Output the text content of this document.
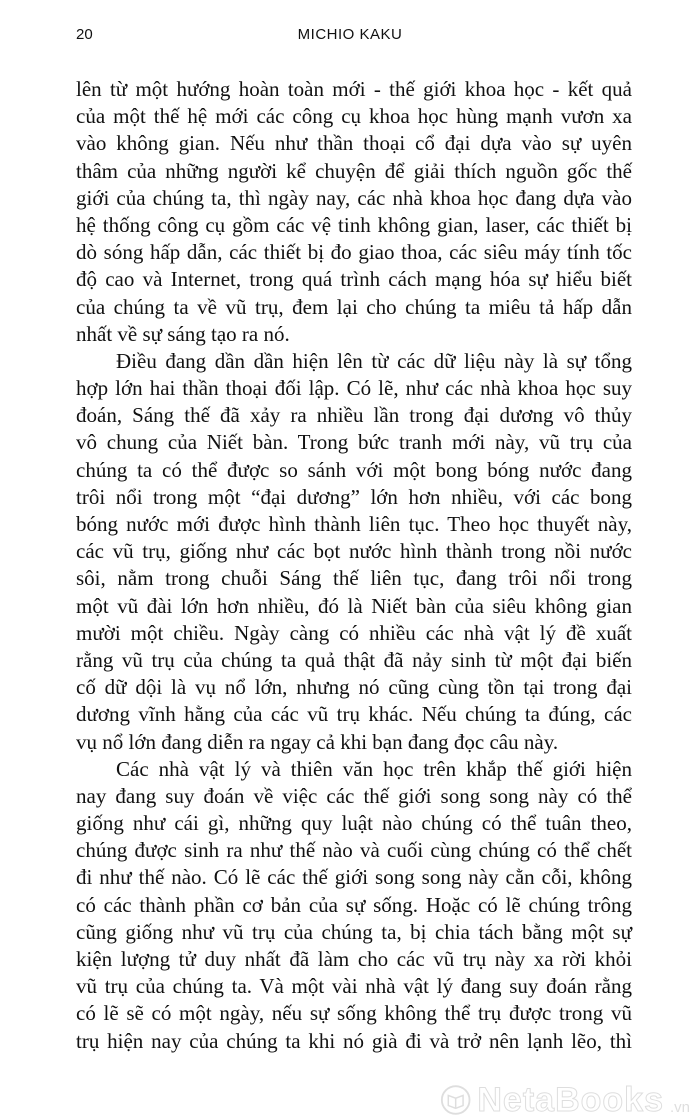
20	MICHIO KAKU
lên từ một hướng hoàn toàn mới - thế giới khoa học - kết quả
của một thế hệ mới các công cụ khoa học hùng mạnh vươn xa
vào không gian. Nếu như thần thoại cổ đại dựa vào sự uyên
thâm của những người kể chuyện để giải thích nguồn gốc thế
giới của chúng ta, thì ngày nay, các nhà khoa học đang dựa vào
hệ thống công cụ gồm các vệ tinh không gian, laser, các thiết bị
dò sóng hấp dẫn, các thiết bị đo giao thoa, các siêu máy tính tốc
độ cao và Internet, trong quá trình cách mạng hóa sự hiểu biết
của chúng ta về vũ trụ, đem lại cho chúng ta miêu tả hấp dẫn
nhất về sự sáng tạo ra nó.
Điều đang dần dần hiện lên từ các dữ liệu này là sự tổng
hợp lớn hai thần thoại đối lập. Có lẽ, như các nhà khoa học suy
đoán, Sáng thế đã xảy ra nhiều lần trong đại dương vô thủy
vô chung của Niết bàn. Trong bức tranh mới này, vũ trụ của
chúng ta có thể được so sánh với một bong bóng nước đang
trôi nổi trong một “đại dương” lớn hơn nhiều, với các bong
bóng nước mới được hình thành liên tục. Theo học thuyết này,
các vũ trụ, giống như các bọt nước hình thành trong nồi nước
sôi, nằm trong chuỗi Sáng thế liên tục, đang trôi nổi trong
một vũ đài lớn hơn nhiều, đó là Niết bàn của siêu không gian
mười một chiều. Ngày càng có nhiều các nhà vật lý đề xuất
rằng vũ trụ của chúng ta quả thật đã nảy sinh từ một đại biến
cố dữ dội là vụ nổ lớn, nhưng nó cũng cùng tồn tại trong đại
dương vĩnh hằng của các vũ trụ khác. Nếu chúng ta đúng, các
vụ nổ lớn đang diễn ra ngay cả khi bạn đang đọc câu này.
Các nhà vật lý và thiên văn học trên khắp thế giới hiện
nay đang suy đoán về việc các thế giới song song này có thể
giống như cái gì, những quy luật nào chúng có thể tuân theo,
chúng được sinh ra như thế nào và cuối cùng chúng có thể chết
đi như thế nào. Có lẽ các thế giới song song này cằn cỗi, không
có các thành phần cơ bản của sự sống. Hoặc có lẽ chúng trông
cũng giống như vũ trụ của chúng ta, bị chia tách bằng một sự
kiện lượng tử duy nhất đã làm cho các vũ trụ này xa rời khỏi
vũ trụ của chúng ta. Và một vài nhà vật lý đang suy đoán rằng
có lẽ sẽ có một ngày, nếu sự sống không thể trụ được trong vũ
trụ hiện nay của chúng ta khi nó già đi và trở nên lạnh lẽo, thì
NetaBooks .vn
